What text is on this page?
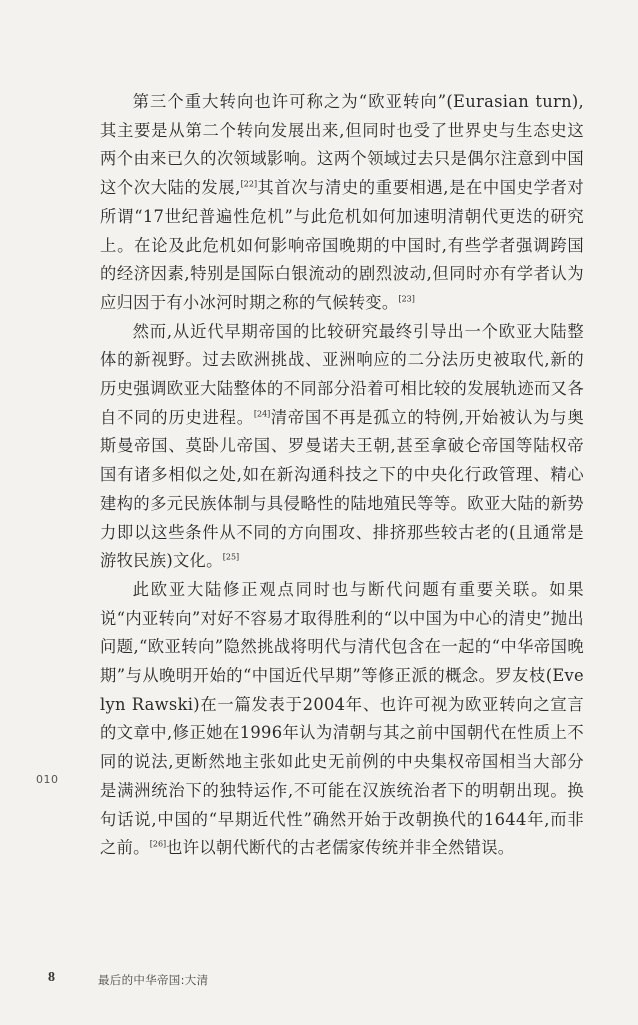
第三个重大转向也许可称之为“欧亚转向”(Eurasian turn),其主要是从第二个转向发展出来,但同时也受了世界史与生态史这两个由来已久的次领域影响。这两个领域过去只是偶尔注意到中国这个次大陆的发展,[22]其首次与清史的重要相遇,是在中国史学者对所谓“17世纪普遍性危机”与此危机如何加速明清朝代更迭的研究上。在论及此危机如何影响帝国晚期的中国时,有些学者强调跨国的经济因素,特别是国际白银流动的剧烈波动,但同时亦有学者认为应归因于有小冰河时期之称的气候转变。[23]

然而,从近代早期帝国的比较研究最终引导出一个欧亚大陆整体的新视野。过去欧洲挑战、亚洲响应的二分法历史被取代,新的历史强调欧亚大陆整体的不同部分沿着可相比较的发展轨迹而又各自不同的历史进程。[24]清帝国不再是孤立的特例,开始被认为与奥斯曼帝国、莫卧儿帝国、罗曼诺夫王朝,甚至拿破仑帝国等陆权帝国有诸多相似之处,如在新沟通科技之下的中央化行政管理、精心建构的多元民族体制与具侵略性的陆地殖民等等。欧亚大陆的新势力即以这些条件从不同的方向围攻、排挤那些较古老的(且通常是游牧民族)文化。[25]

此欧亚大陆修正观点同时也与断代问题有重要关联。如果说“内亚转向”对好不容易才取得胜利的“以中国为中心的清史”抛出问题,“欧亚转向”隐然挑战将明代与清代包含在一起的“中华帝国晚期”与从晚明开始的“中国近代早期”等修正派的概念。罗友枝(Evelyn Rawski)在一篇发表于2004年、也许可视为欧亚转向之宣言的文章中,修正她在1996年认为清朝与其之前中国朝代在性质上不同的说法,更断然地主张如此史无前例的中央集权帝国相当大部分是满洲统治下的独特运作,不可能在汉族统治者下的明朝出现。换句话说,中国的“早期近代性”确然开始于改朝换代的1644年,而非之前。[26]也许以朝代断代的古老儒家传统并非全然错误。

010
8	最后的中华帝国:大清
